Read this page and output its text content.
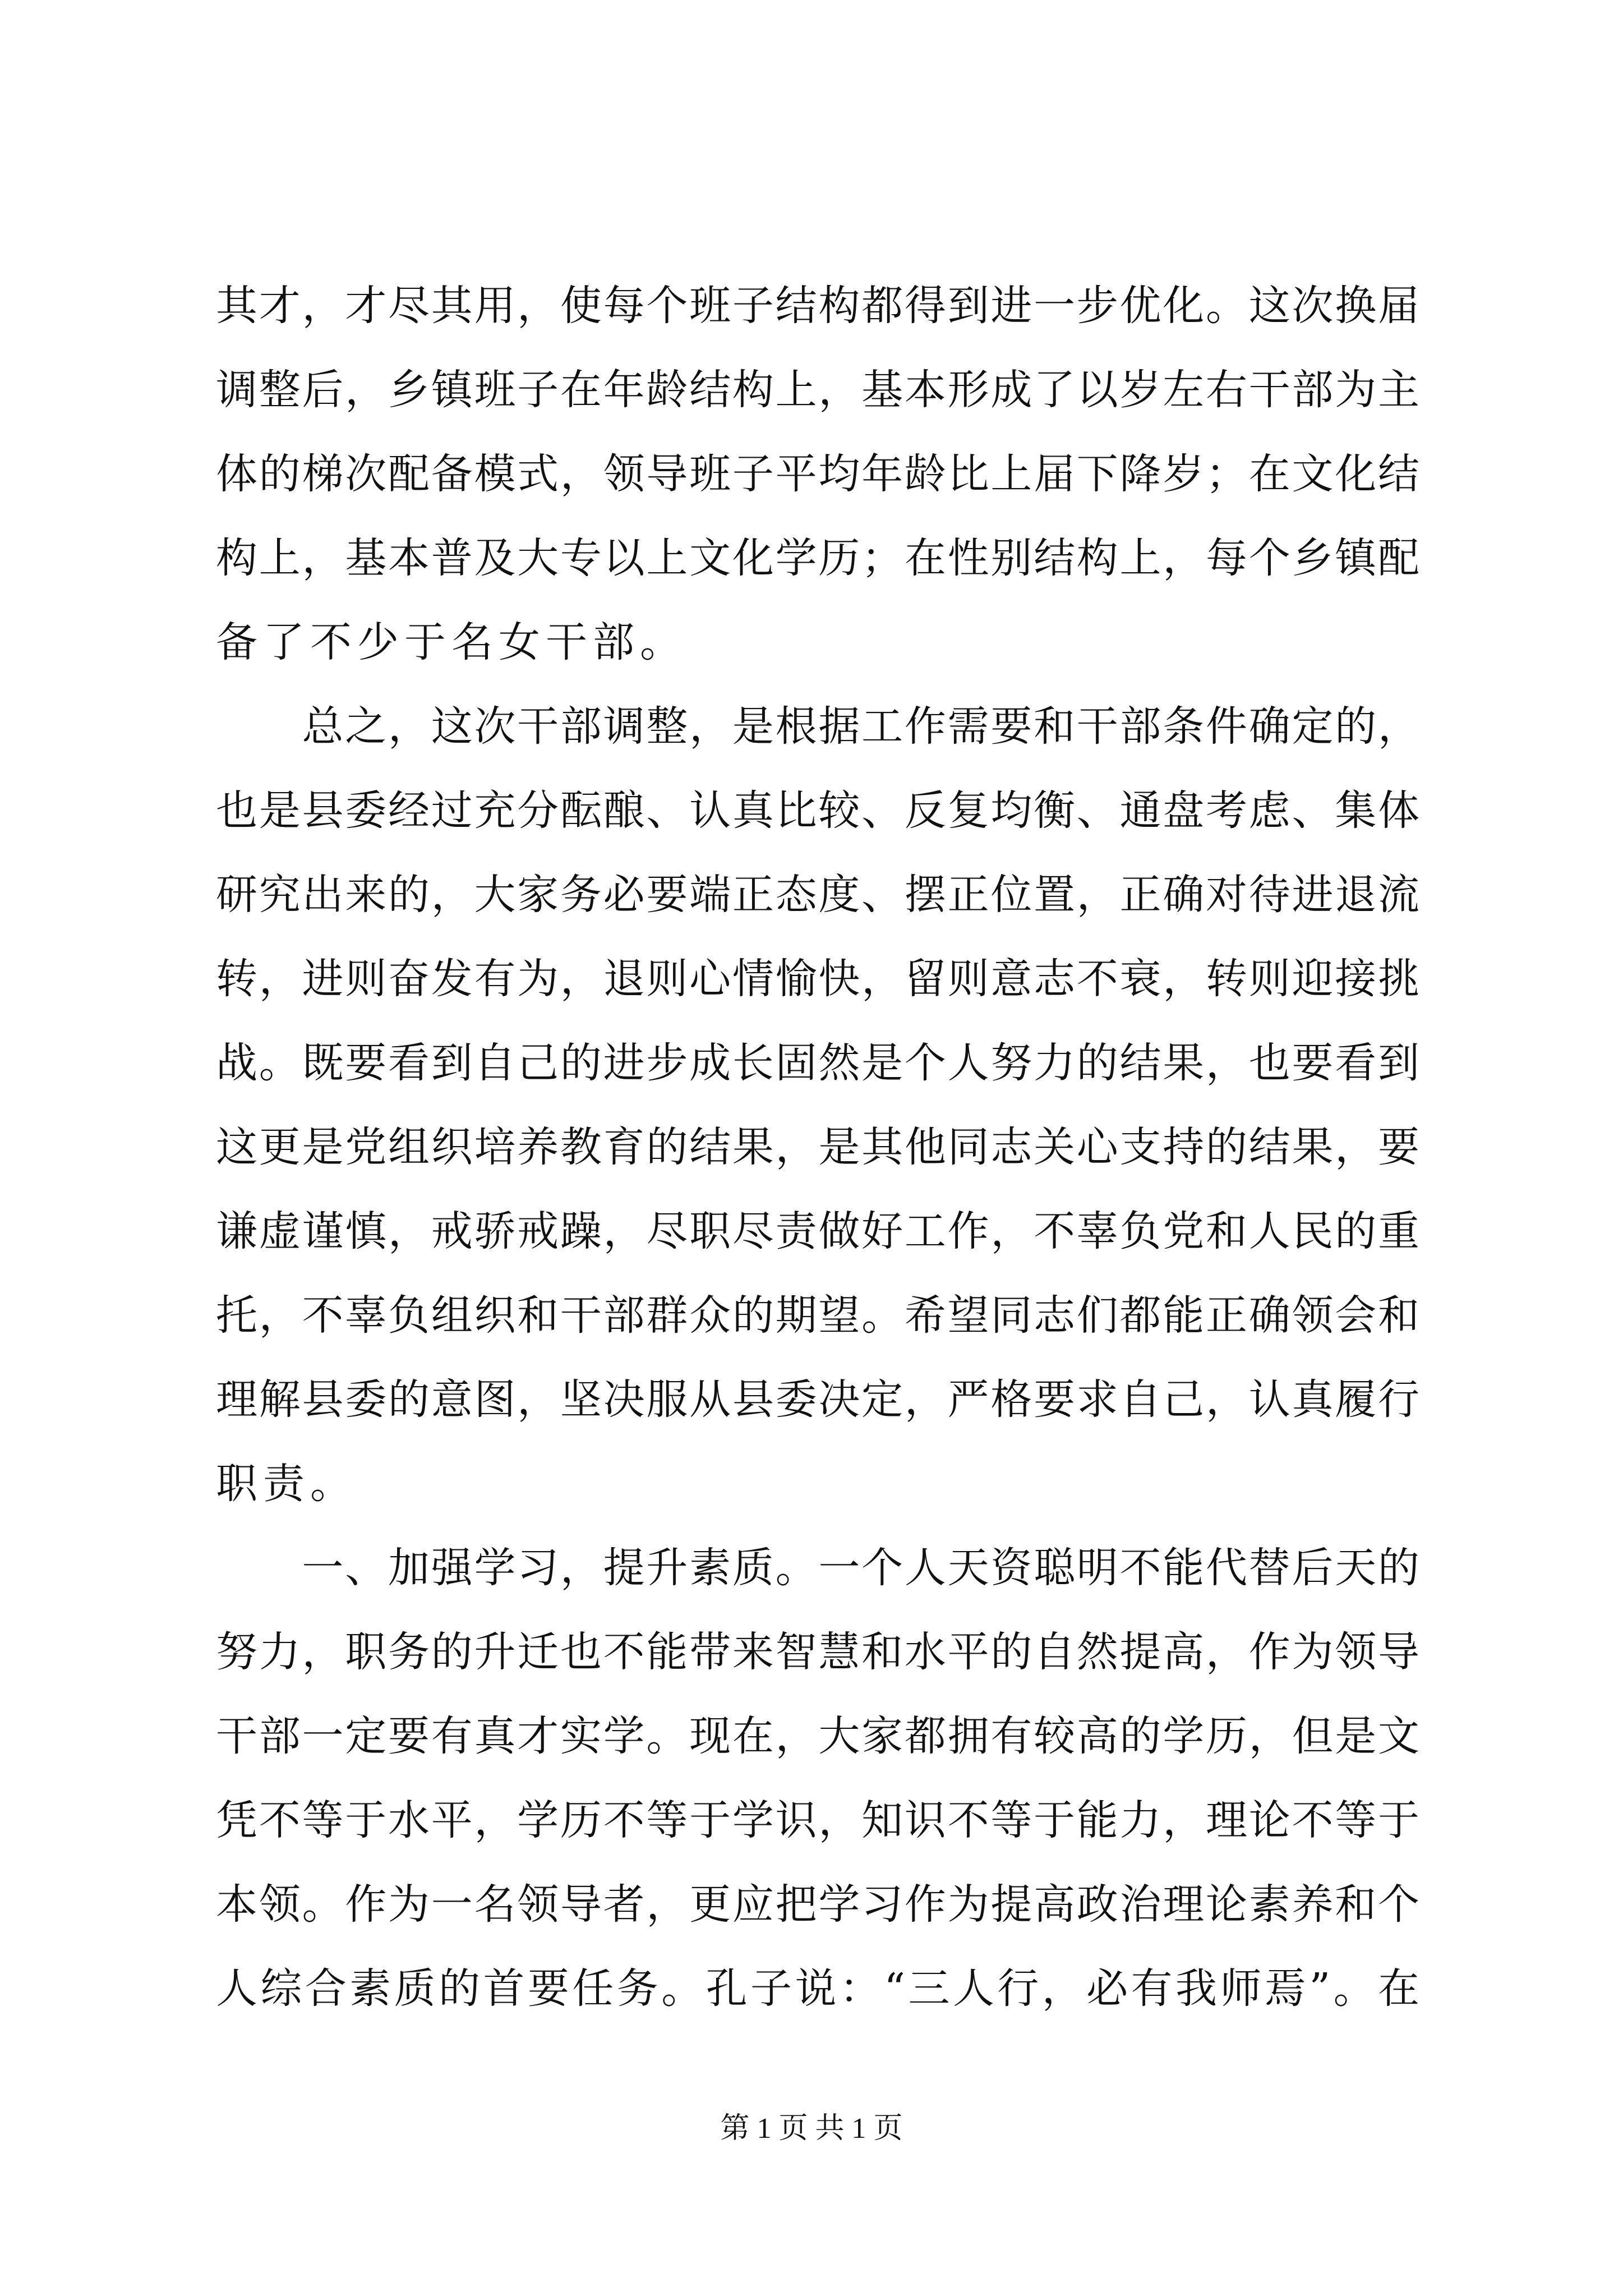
其才，才尽其用，使每个班子结构都得到进一步优化。这次换届
调整后，乡镇班子在年龄结构上，基本形成了以岁左右干部为主
体的梯次配备模式，领导班子平均年龄比上届下降岁；在文化结
构上，基本普及大专以上文化学历；在性别结构上，每个乡镇配
备了不少于名女干部。
　　总之，这次干部调整，是根据工作需要和干部条件确定的，
也是县委经过充分酝酿、认真比较、反复均衡、通盘考虑、集体
研究出来的，大家务必要端正态度、摆正位置，正确对待进退流
转，进则奋发有为，退则心情愉快，留则意志不衰，转则迎接挑
战。既要看到自己的进步成长固然是个人努力的结果，也要看到
这更是党组织培养教育的结果，是其他同志关心支持的结果，要
谦虚谨慎，戒骄戒躁，尽职尽责做好工作，不辜负党和人民的重
托，不辜负组织和干部群众的期望。希望同志们都能正确领会和
理解县委的意图，坚决服从县委决定，严格要求自己，认真履行
职责。
　　一、加强学习，提升素质。一个人天资聪明不能代替后天的
努力，职务的升迁也不能带来智慧和水平的自然提高，作为领导
干部一定要有真才实学。现在，大家都拥有较高的学历，但是文
凭不等于水平，学历不等于学识，知识不等于能力，理论不等于
本领。作为一名领导者，更应把学习作为提高政治理论素养和个
人综合素质的首要任务。孔子说：“三人行，必有我师焉”。在
第 1 页 共 1 页
